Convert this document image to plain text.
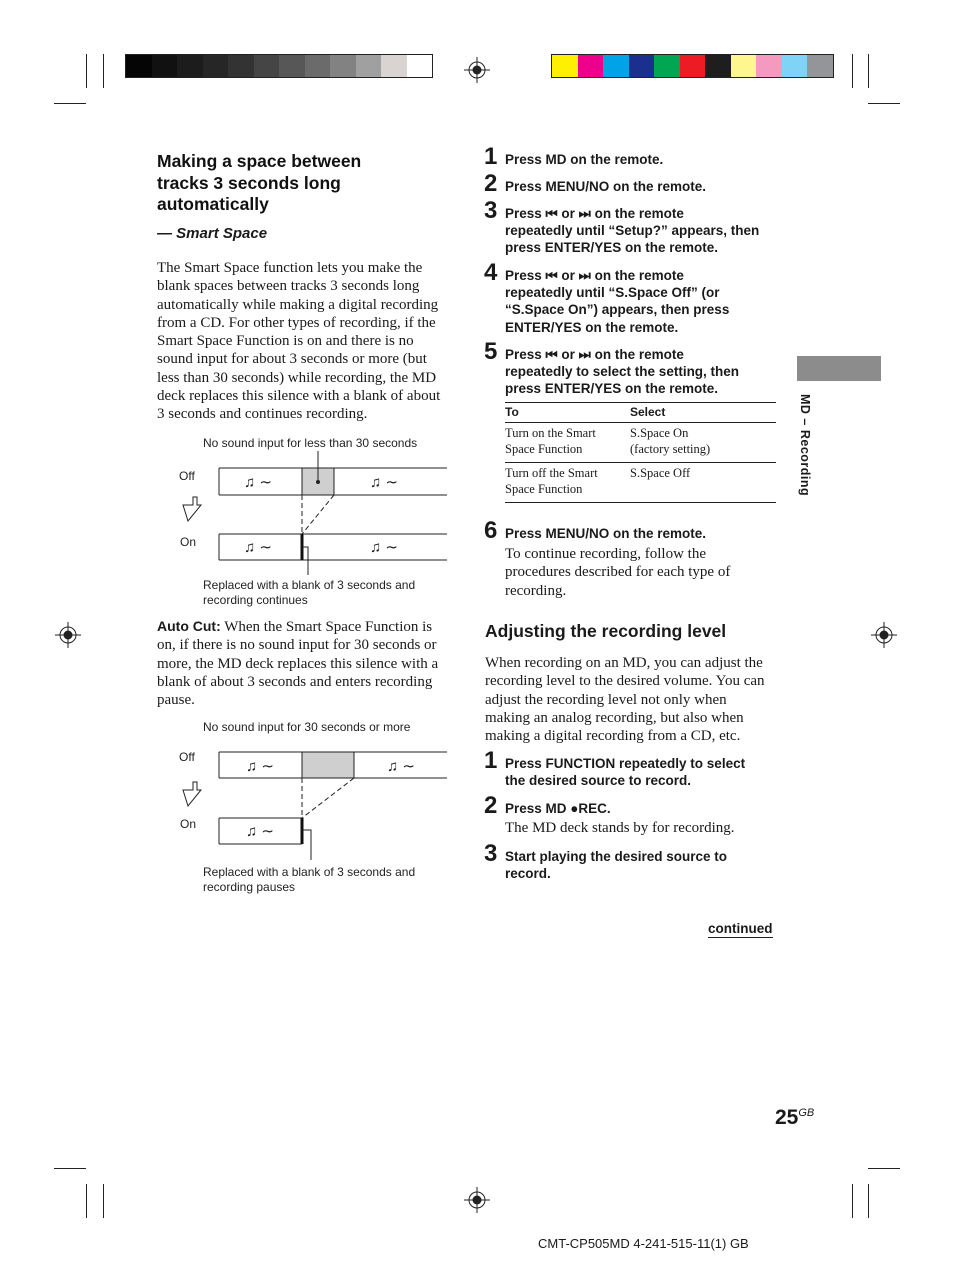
Making a space between
tracks 3 seconds long
automatically
— Smart Space
The Smart Space function lets you make the
blank spaces between tracks 3 seconds long
automatically while making a digital recording
from a CD. For other types of recording, if the
Smart Space Function is on and there is no
sound input for about 3 seconds or more (but
less than 30 seconds) while recording, the MD
deck replaces this silence with a blank of about
3 seconds and continues recording.
No sound input for less than 30 seconds
Off
On
♫ ∼	♫ ∼
♫ ∼	♫ ∼
Replaced with a blank of 3 seconds and
recording continues
Auto Cut: When the Smart Space Function is
on, if there is no sound input for 30 seconds or
more, the MD deck replaces this silence with a
blank of about 3 seconds and enters recording
pause.
No sound input for 30 seconds or more
Off
On
♫ ∼	♫ ∼
♫ ∼
Replaced with a blank of 3 seconds and
recording pauses
1 Press MD on the remote.
2 Press MENU/NO on the remote.
3 Press ⏮ or ⏭ on the remote
repeatedly until “Setup?” appears, then
press ENTER/YES on the remote.
4 Press ⏮ or ⏭ on the remote
repeatedly until “S.Space Off” (or
“S.Space On”) appears, then press
ENTER/YES on the remote.
5 Press ⏮ or ⏭ on the remote
repeatedly to select the setting, then
press ENTER/YES on the remote.
To	Select
Turn on the Smart
Space Function	S.Space On
(factory setting)
Turn off the Smart
Space Function	S.Space Off

6 Press MENU/NO on the remote.
To continue recording, follow the
procedures described for each type of
recording.
Adjusting the recording level
When recording on an MD, you can adjust the
recording level to the desired volume. You can
adjust the recording level not only when
making an analog recording, but also when
making a digital recording from a CD, etc.
1 Press FUNCTION repeatedly to select
the desired source to record.
2 Press MD ●REC.
The MD deck stands by for recording.
3 Start playing the desired source to
record.
continued
MD – Recording
$25^{GB}$
CMT-CP505MD 4-241-515-11(1) GB
